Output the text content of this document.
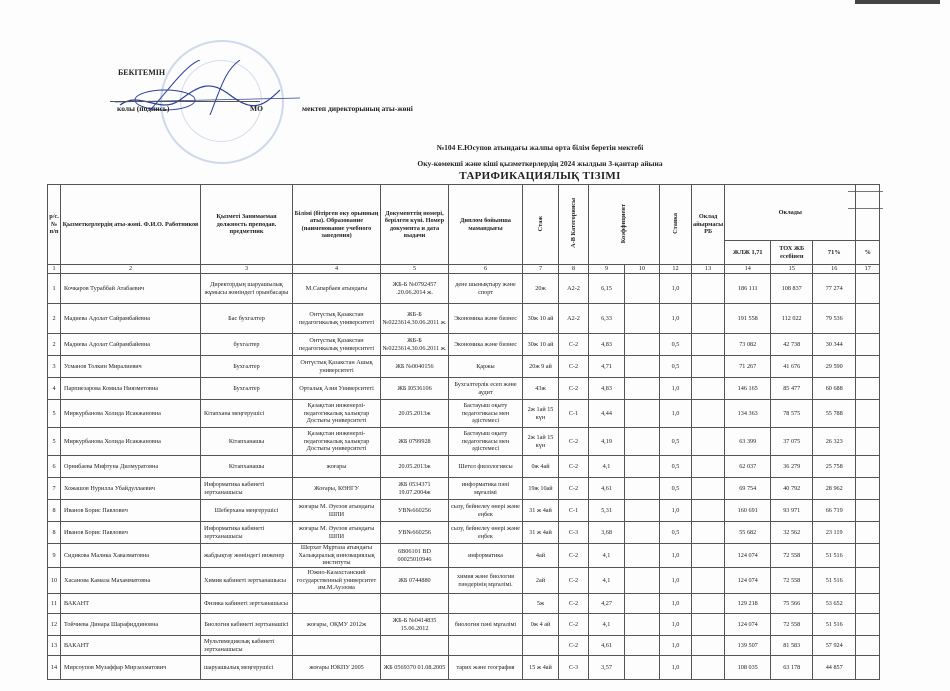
БЕКІТЕМІН
колы (подпись)	МО	мектеп директорының аты-жөні
№104 Е.Юсупов атындағы жалпы орта білім беретін мектебі
Оку-көмекші және кіші қызметкерлердің 2024 жылдын 3-қантар айына
ТАРИФИКАЦИЯЛЫҚ ТІЗІМІ
р/с.№ п/п	Қызметкерлердің аты-жөні. Ф.И.О. Работников	Қызметі Занимаемая должность преподав. предметник	Білімі (бітірген оку орынның аты). Образование (наименование учебного заведения)	Документтің номері, берілген күні. Номер документа и дата выдачи	Диплом бойынша мамандығы	Стаж	А-В Категориясы	Коэффициент		Ставка	Оклад айырмасы РБ	Оклады			
												ЖЛЖ 1,71	ТОХ ЖБ есебінен	71%	%
1	2	3	4	5	6	7	8	9	10	12	13	14	15	16	17
1	Кочкаров Тураббай Атабаевич	Директордың шаруашылық жұмысы жөніндегі орынбасары	М.Сапарбаев атындағы	ЖБ-Б №0792457 .20.06.2014 ж.	дене шынықтыру және спорт	20ж	А2-2	6,15		1,0		186 111	108 837	77 274	
2	Мадиева Адолат Сайрамбайевна	Бас бухгалтер	Онтүстық Қазакстан педагогикалық университеті	ЖБ-Б №0223614.30.06.2011 ж.	Экономика және бизнес	30ж 10 ай	А2-2	6,33		1,0		191 558	112 022	79 536	
2	Мадиева Адолат Сайрамбайевна	бухгалтер	Онтүстық Қазакстан педагогикалық университеті	ЖБ-Б №0223614.30.06.2011 ж.	Экономика және бизнес	30ж 10 ай	С-2	4,83		0,5		73 082	42 738	30 344	
3	Усманов Толкин Миралиевич	Бухгалтер	Онтүстық Қазакстан Ашық университеті	ЖБ №0040156	Қаржы	20ж 9 ай	С-2	4,71		0,5		71 267	41 676	29 590	
4	Парпиезарова Комила Ниязметовна	Бухгалтер	Орталық Азия Университеті	ЖБ I0536106	Бухгалтерлік есеп және аудит	43ж	С-2	4,83		1,0		146 165	85 477	60 688	
5	Миркурбанова Холида Исакжановна	Кітапхана меңгерушісі	Қазақстан инженерлі-педагогикалық халықтар Достығы университеті	20.05.2013ж	Бастауыш оқыту педагогикасы мен әдістемесі	2ж 1ай 15 күн	С-1	4,44		1,0		134 363	78 575	55 788	
5	Миркурбанова Холида Исакжановна	Кітапханашы	Қазақстан инженерлі-педагогикалық халықтар Достығы университеті	ЖБ 0799928	Бастауыш оқыту педагогикасы мен әдістемесі	2ж 1ай 15 күн	С-2	4,19		0,5		63 399	37 075	26 323	
6	Орнибаева Мифтуна Дилмуратовна	Кітапханашы	жоғары	20.05.2013ж	Шетел филологиясы	0ж 4ай	С-2	4,1		0,5		62 037	36 279	25 758	
7	Хожашов Нурилла Убайдуллаевич	Информатика кабинеті зертханашысы	Жоғары, КӨНГУ	ЖБ 0534371 19.07.2004ж	информатика пәні мұғалімі	19ж 10ай	С-2	4,61		0,5		69 754	40 792	28 962	
8	Иванов Борис Павлович	Шеберхана меңгерушісі	жоғары М. Әуезов атындағы ШПИ	УВ№660256	сызу, бейнелеу өнері және еңбек	31 ж 4ай	С-1	5,31		1,0		160 691	93 971	66 719	
8	Иванов Борис Павлович	Информатика кабинеті зертханашысы	жоғары М. Әуезов атындағы ШПИ	УВ№660256	сызу, бейнелеу өнері және еңбек	31 ж 4ай	С-3	3,68		0,5		55 682	32 562	23 119	
9	Сидикова Малика Хавазматовна	жабдықтау жөніндегі инженер	Шерхат Мұртаза атындағы Халықаралық инновациялық институты	6В06101 BD 00025010946	информатика	4ай	С-2	4,1		1,0		124 074	72 558	51 516	
10	Хасанова Камала Махамматовна	Химия кабинеті зертханашысы	Южно-Казахстанский государственный университет им.М.Ауэзова	ЖБ 0744880	химия және биология пәндерінің мұғалімі.	2ай	С-2	4,1		1,0		124 074	72 558	51 516	
11	ВАКАНТ	Физика кабинеті зертханашысы				5ж	С-2	4,27		1,0		129 218	75 566	53 652	
12	Тойчиева Динара Шарафиддиновна	Биология кабинеті зертханашісі	жоғары, ОҚМУ 2012ж	ЖБ-Б №0414835 15.06.2012	биология пәні мұғалімі	0ж 4 ай	С-2	4,1		1,0		124 074	72 558	51 516	
13	ВАКАНТ	Мультимедиялық кабинеті зертханашысы					С-2	4,61		1,0		139 507	81 583	57 924	
14	Мирсоупов Музаффар Мирзахматович	шаруашылық меңгерушісі	жоғары ЮКПУ 2005	ЖБ 0569370 01.08.2005	тарих және география	15 ж 4ай	С-3	3,57		1,0		108 035	63 178	44 857	
